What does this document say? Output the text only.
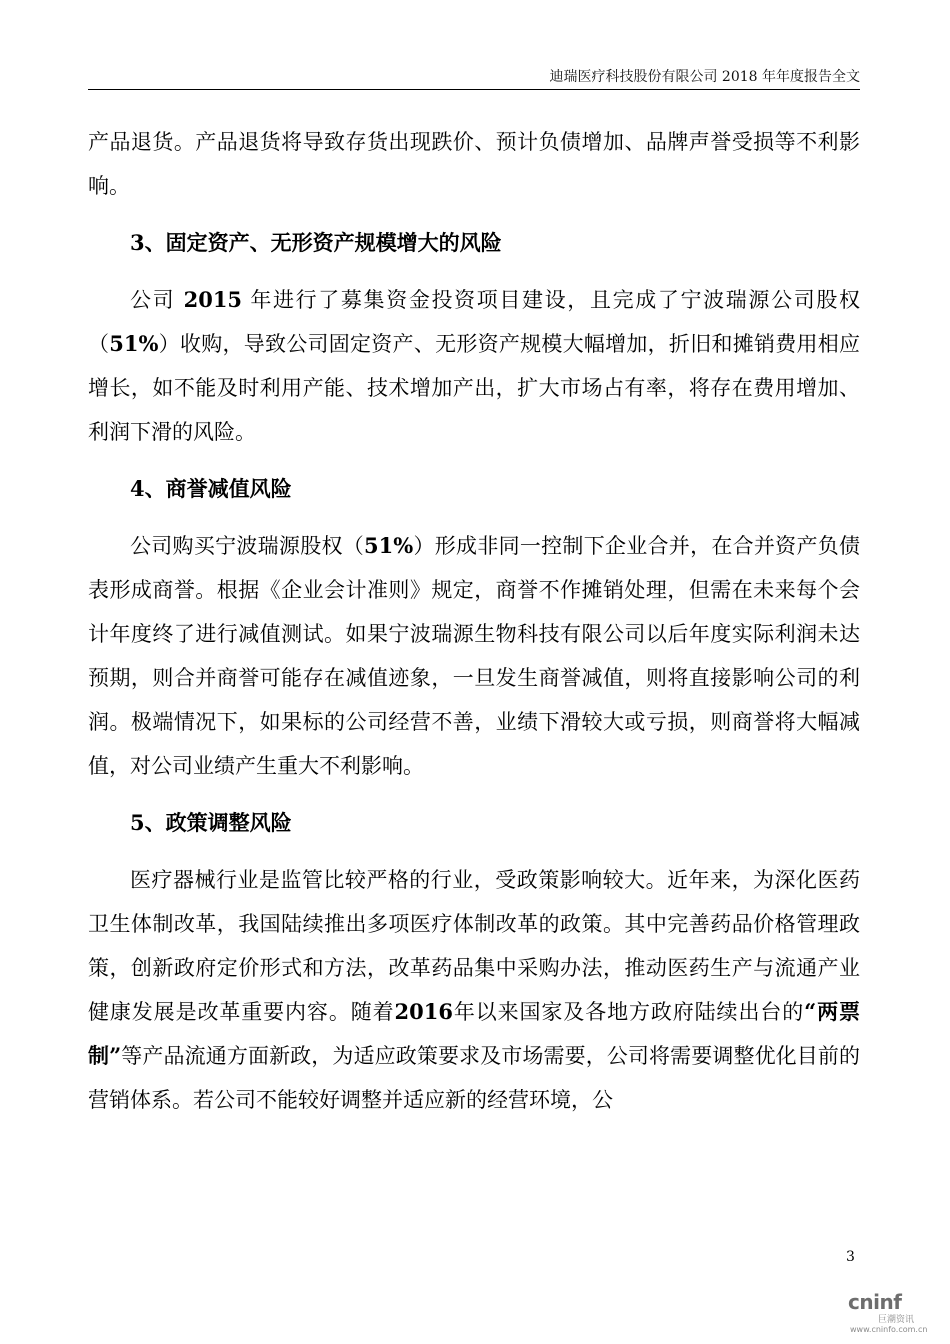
迪瑞医疗科技股份有限公司 2018 年年度报告全文

产品退货。产品退货将导致存货出现跌价、预计负债增加、品牌声誉受损等不利影响。

3、固定资产、无形资产规模增大的风险

公司 2015 年进行了募集资金投资项目建设，且完成了宁波瑞源公司股权（51%）收购，导致公司固定资产、无形资产规模大幅增加，折旧和摊销费用相应增长，如不能及时利用产能、技术增加产出，扩大市场占有率，将存在费用增加、利润下滑的风险。

4、商誉减值风险

公司购买宁波瑞源股权（51%）形成非同一控制下企业合并，在合并资产负债表形成商誉。根据《企业会计准则》规定，商誉不作摊销处理，但需在未来每个会计年度终了进行减值测试。如果宁波瑞源生物科技有限公司以后年度实际利润未达预期，则合并商誉可能存在减值迹象，一旦发生商誉减值，则将直接影响公司的利润。极端情况下，如果标的公司经营不善，业绩下滑较大或亏损，则商誉将大幅减值，对公司业绩产生重大不利影响。

5、政策调整风险

医疗器械行业是监管比较严格的行业，受政策影响较大。近年来，为深化医药卫生体制改革，我国陆续推出多项医疗体制改革的政策。其中完善药品价格管理政策，创新政府定价形式和方法，改革药品集中采购办法，推动医药生产与流通产业健康发展是改革重要内容。随着2016年以来国家及各地方政府陆续出台的“两票制”等产品流通方面新政，为适应政策要求及市场需要，公司将需要调整优化目前的营销体系。若公司不能较好调整并适应新的经营环境，公

3
cninf
巨潮资讯
www.cninfo.com.cn
